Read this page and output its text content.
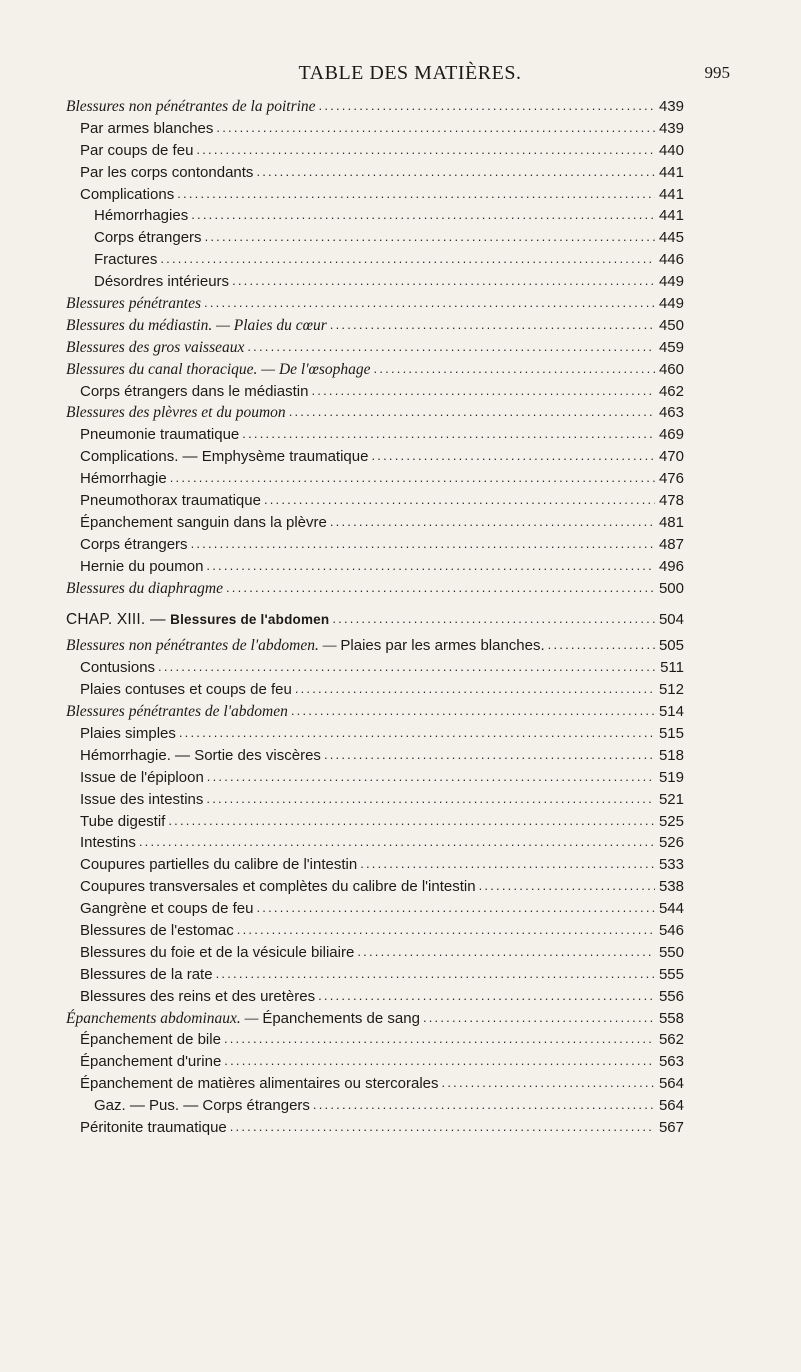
TABLE DES MATIÈRES.	995
Blessures non pénétrantes de la poitrine .....	439
Par armes blanches .....	439
Par coups de feu .....	440
Par les corps contondants .....	441
Complications .....	441
Hémorrhagies .....	441
Corps étrangers .....	445
Fractures .....	446
Désordres intérieurs .....	449
Blessures pénétrantes .....	449
Blessures du médiastin. — Plaies du cœur .....	450
Blessures des gros vaisseaux .....	459
Blessures du canal thoracique. — De l'œsophage .....	460
Corps étrangers dans le médiastin .....	462
Blessures des plèvres et du poumon .....	463
Pneumonie traumatique .....	469
Complications. — Emphysème traumatique .....	470
Hémorrhagie .....	476
Pneumothorax traumatique .....	478
Épanchement sanguin dans la plèvre .....	481
Corps étrangers .....	487
Hernie du poumon .....	496
Blessures du diaphragme .....	500
CHAP. XIII. — Blessures de l'abdomen .....	504
Blessures non pénétrantes de l'abdomen. — Plaies par les armes blanches. .....	505
Contusions .....	511
Plaies contuses et coups de feu .....	512
Blessures pénétrantes de l'abdomen .....	514
Plaies simples .....	515
Hémorrhagie. — Sortie des viscères .....	518
Issue de l'épiploon .....	519
Issue des intestins .....	521
Tube digestif .....	525
Intestins .....	526
Coupures partielles du calibre de l'intestin .....	533
Coupures transversales et complètes du calibre de l'intestin .....	538
Gangrène et coups de feu .....	544
Blessures de l'estomac .....	546
Blessures du foie et de la vésicule biliaire .....	550
Blessures de la rate .....	555
Blessures des reins et des uretères .....	556
Épanchements abdominaux. — Épanchements de sang .....	558
Épanchement de bile .....	562
Épanchement d'urine .....	563
Épanchement de matières alimentaires ou stercorales .....	564
Gaz. — Pus. — Corps étrangers .....	564
Péritonite traumatique .....	567
